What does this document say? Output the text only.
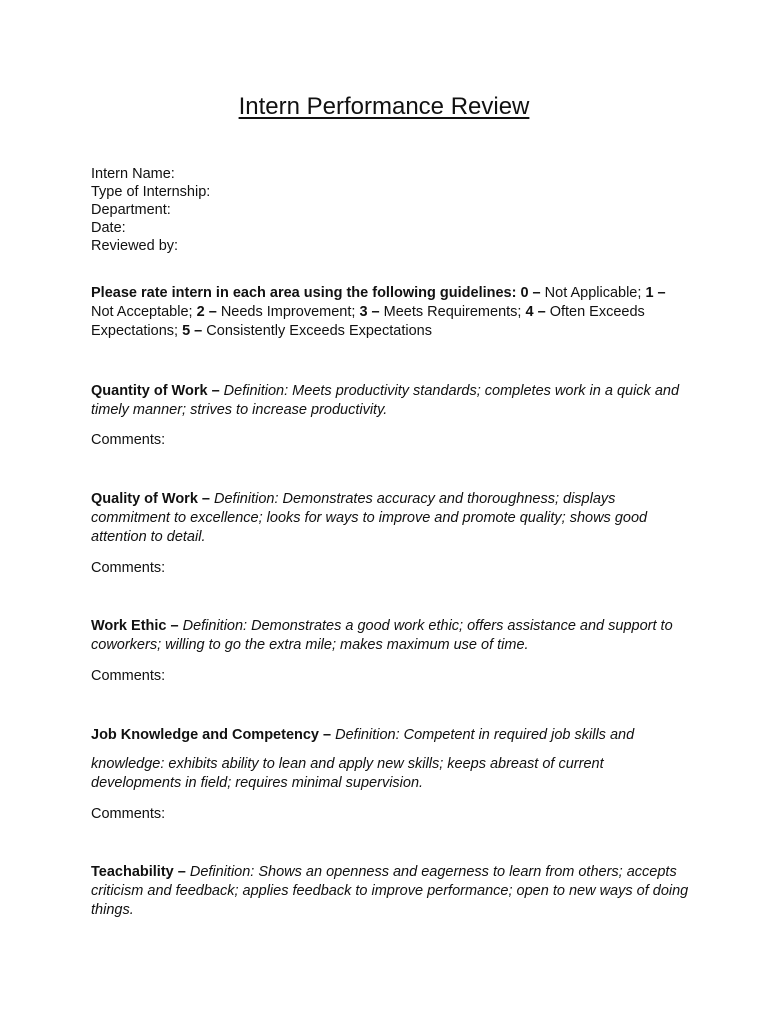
Intern Performance Review
Intern Name:
Type of Internship:
Department:
Date:
Reviewed by:
Please rate intern in each area using the following guidelines: 0 – Not Applicable; 1 – Not Acceptable; 2 – Needs Improvement; 3 – Meets Requirements; 4 – Often Exceeds Expectations; 5 – Consistently Exceeds Expectations

Quantity of Work – Definition: Meets productivity standards; completes work in a quick and timely manner; strives to increase productivity.

Comments:

Quality of Work – Definition: Demonstrates accuracy and thoroughness; displays commitment to excellence; looks for ways to improve and promote quality; shows good attention to detail.

Comments:

Work Ethic – Definition: Demonstrates a good work ethic; offers assistance and support to coworkers; willing to go the extra mile; makes maximum use of time.

Comments:

Job Knowledge and Competency – Definition: Competent in required job skills and

knowledge: exhibits ability to lean and apply new skills; keeps abreast of current developments in field; requires minimal supervision.

Comments:

Teachability – Definition: Shows an openness and eagerness to learn from others; accepts criticism and feedback; applies feedback to improve performance; open to new ways of doing things.
